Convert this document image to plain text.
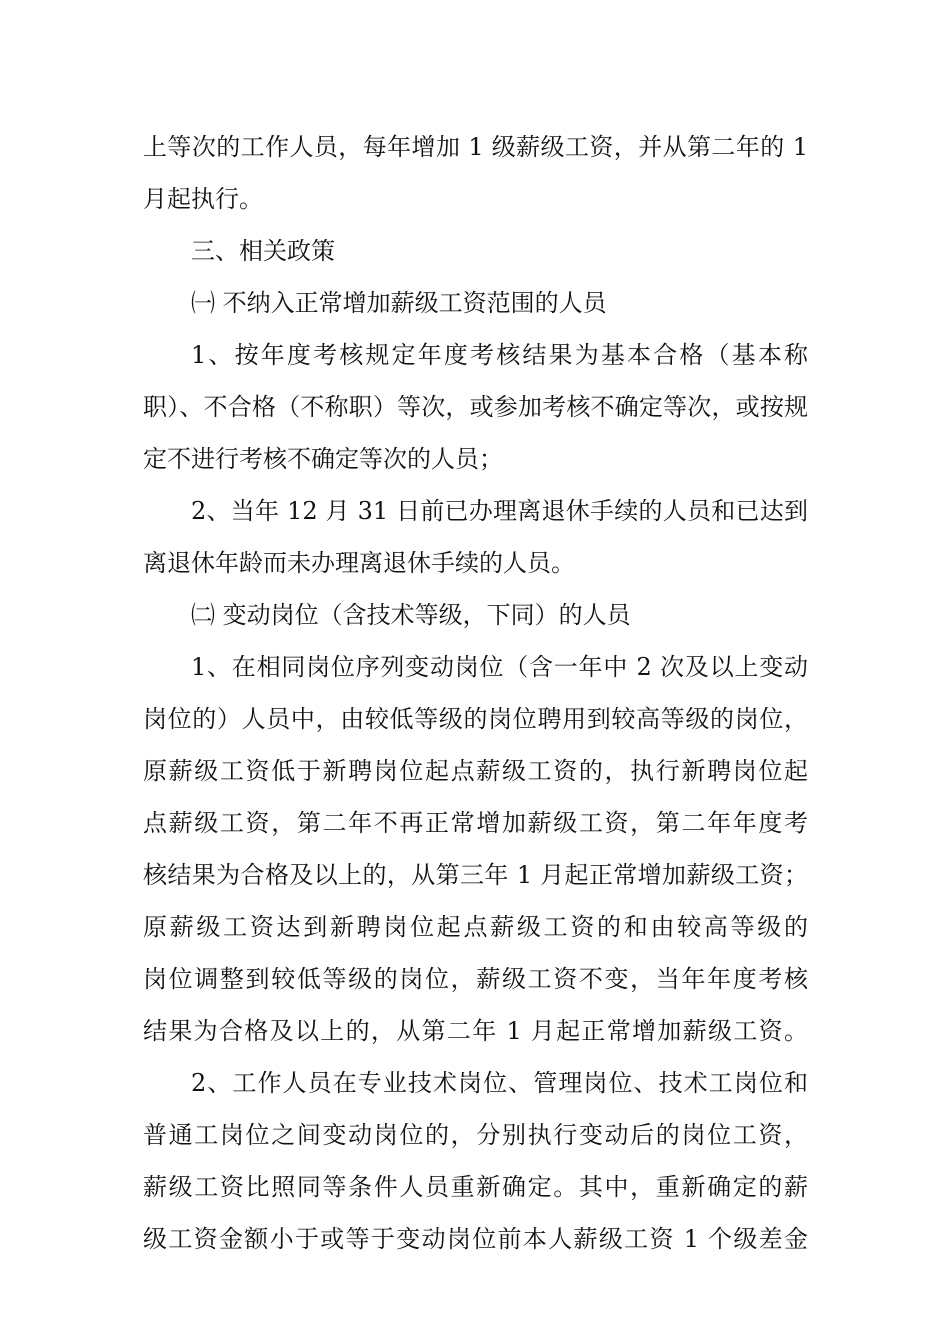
上等次的工作人员，每年增加 1 级薪级工资，并从第二年的 1
月起执行。
三、相关政策
㈠ 不纳入正常增加薪级工资范围的人员
1、按年度考核规定年度考核结果为基本合格（基本称
职）、不合格（不称职）等次，或参加考核不确定等次，或按规
定不进行考核不确定等次的人员；
2、当年 12 月 31 日前已办理离退休手续的人员和已达到
离退休年龄而未办理离退休手续的人员。
㈡ 变动岗位（含技术等级，下同）的人员
1、在相同岗位序列变动岗位（含一年中 2 次及以上变动
岗位的）人员中，由较低等级的岗位聘用到较高等级的岗位，
原薪级工资低于新聘岗位起点薪级工资的，执行新聘岗位起
点薪级工资，第二年不再正常增加薪级工资，第二年年度考
核结果为合格及以上的，从第三年 1 月起正常增加薪级工资；
原薪级工资达到新聘岗位起点薪级工资的和由较高等级的
岗位调整到较低等级的岗位，薪级工资不变，当年年度考核
结果为合格及以上的，从第二年 1 月起正常增加薪级工资。
2、工作人员在专业技术岗位、管理岗位、技术工岗位和
普通工岗位之间变动岗位的，分别执行变动后的岗位工资，
薪级工资比照同等条件人员重新确定。其中，重新确定的薪
级工资金额小于或等于变动岗位前本人薪级工资 1 个级差金
